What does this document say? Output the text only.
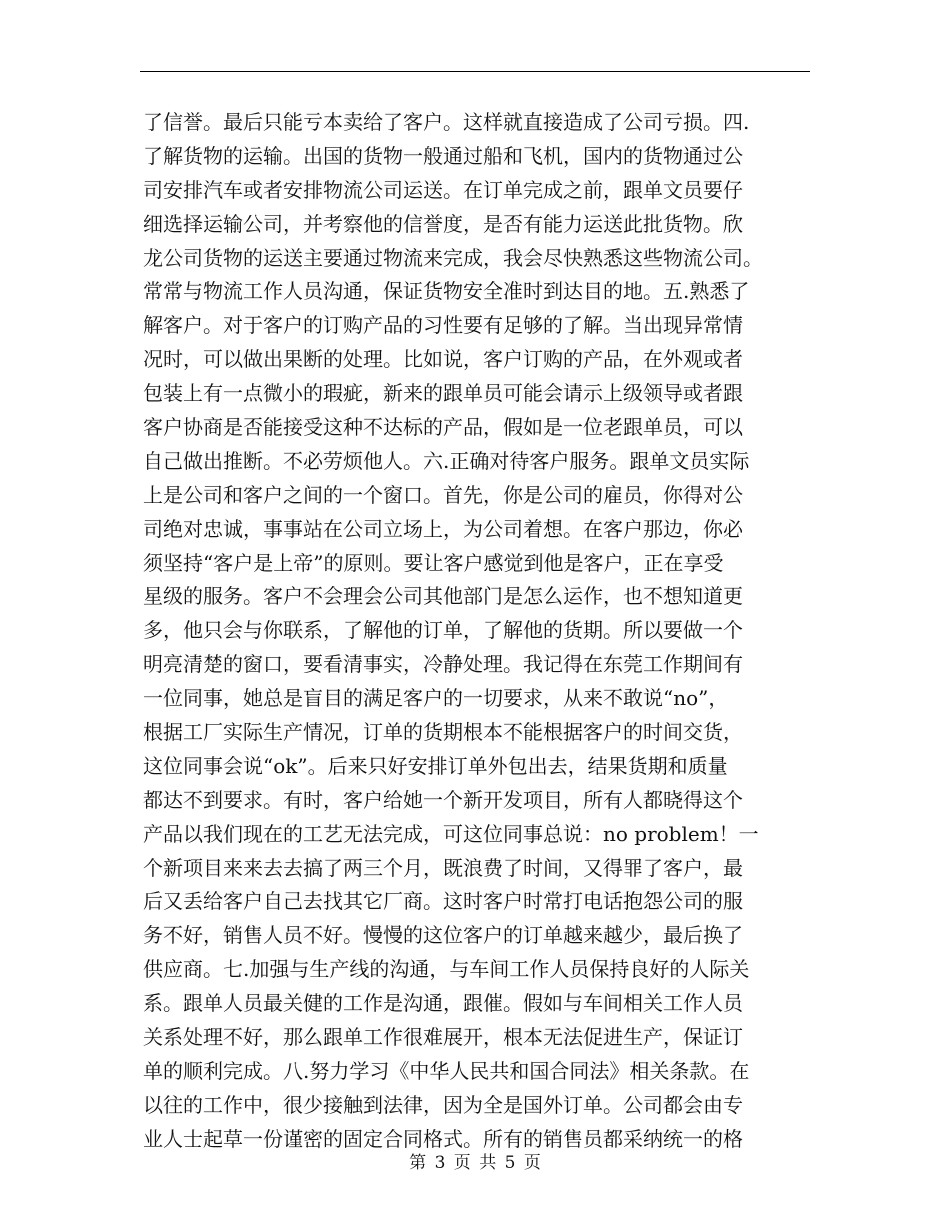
了信誉。最后只能亏本卖给了客户。这样就直接造成了公司亏损。四.
了解货物的运输。出国的货物一般通过船和飞机，国内的货物通过公
司安排汽车或者安排物流公司运送。在订单完成之前，跟单文员要仔
细选择运输公司，并考察他的信誉度，是否有能力运送此批货物。欣
龙公司货物的运送主要通过物流来完成，我会尽快熟悉这些物流公司。
常常与物流工作人员沟通，保证货物安全准时到达目的地。五.熟悉了
解客户。对于客户的订购产品的习性要有足够的了解。当出现异常情
况时，可以做出果断的处理。比如说，客户订购的产品，在外观或者
包装上有一点微小的瑕疵，新来的跟单员可能会请示上级领导或者跟
客户协商是否能接受这种不达标的产品，假如是一位老跟单员，可以
自己做出推断。不必劳烦他人。六.正确对待客户服务。跟单文员实际
上是公司和客户之间的一个窗口。首先，你是公司的雇员，你得对公
司绝对忠诚，事事站在公司立场上，为公司着想。在客户那边，你必
须坚持“客户是上帝”的原则。要让客户感觉到他是客户，正在享受
星级的服务。客户不会理会公司其他部门是怎么运作，也不想知道更
多，他只会与你联系，了解他的订单，了解他的货期。所以要做一个
明亮清楚的窗口，要看清事实，冷静处理。我记得在东莞工作期间有
一位同事，她总是盲目的满足客户的一切要求，从来不敢说“no”，
根据工厂实际生产情况，订单的货期根本不能根据客户的时间交货，
这位同事会说“ok”。后来只好安排订单外包出去，结果货期和质量
都达不到要求。有时，客户给她一个新开发项目，所有人都晓得这个
产品以我们现在的工艺无法完成，可这位同事总说：no problem！一
个新项目来来去去搞了两三个月，既浪费了时间，又得罪了客户，最
后又丢给客户自己去找其它厂商。这时客户时常打电话抱怨公司的服
务不好，销售人员不好。慢慢的这位客户的订单越来越少，最后换了
供应商。七.加强与生产线的沟通，与车间工作人员保持良好的人际关
系。跟单人员最关健的工作是沟通，跟催。假如与车间相关工作人员
关系处理不好，那么跟单工作很难展开，根本无法促进生产，保证订
单的顺利完成。八.努力学习《中华人民共和国合同法》相关条款。在
以往的工作中，很少接触到法律，因为全是国外订单。公司都会由专
业人士起草一份谨密的固定合同格式。所有的销售员都采纳统一的格
第 3 页 共 5 页
